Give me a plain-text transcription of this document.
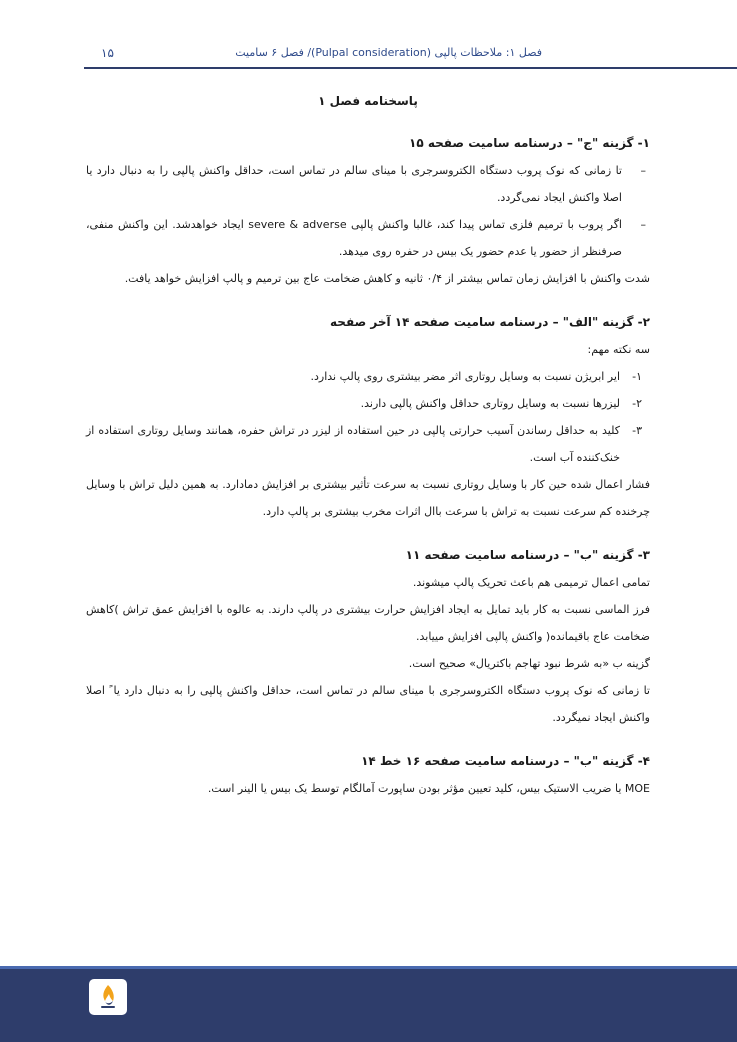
فصل ۱: ملاحظات پالپی (Pulpal consideration)/ فصل ۶ سامیت
۱۵
پاسخنامه فصل ۱
۱- گزینه "ج" – درسنامه سامیت صفحه ۱۵
–
تا زمانی که نوک پروب دستگاه الکتروسرجری با مینای سالم در تماس است، حداقل واکنش پالپی را به دنبال دارد یا اصلا واکنش ایجاد نمی‌گردد.
–
اگر پروب با ترمیم فلزی تماس پیدا کند، غالبا واکنش پالپی severe & adverse ایجاد خواهدشد. این واکنش منفی، صرفنظر از حضور یا عدم حضور یک بیس در حفره روی میدهد.

شدت واکنش با افزایش زمان تماس بیشتر از ۰/۴ ثانیه و کاهش ضخامت عاج بین ترمیم و پالپ افزایش خواهد یافت.

۲- گزینه "الف" – درسنامه سامیت صفحه ۱۴ آخر صفحه

سه نکته مهم:

۱-
ایر ابریژن نسبت به وسایل روتاری اثر مضر بیشتری روی پالپ ندارد.
۲-
لیزرها نسبت به وسایل روتاری حداقل واکنش پالپی دارند.
۳-
کلید به حداقل رساندن آسیب حرارتی پالپی در حین استفاده از لیزر در تراش حفره، همانند وسایل روتاری استفاده از خنک‌کننده آب است.

فشار اعمال شده حین کار با وسایل روتاری نسبت به سرعت تأثیر بیشتری بر افزایش دمادارد. به همین دلیل تراش با وسایل چرخنده کم سرعت نسبت به تراش با سرعت باال اثرات مخرب بیشتری بر پالپ دارد.

۳- گزینه "ب" – درسنامه سامیت صفحه ۱۱

تمامی اعمال ترمیمی هم باعث تحریک پالپ میشوند.

فرز الماسی نسبت به کار باید تمایل به ایجاد افزایش حرارت بیشتری در پالپ دارند. به عالوه با افزایش عمق تراش )کاهش ضخامت عاج باقیمانده( واکنش پالپی افزایش مییابد.

گزینه ب «به شرط نبود تهاجم باکتریال» صحیح است.

تا زمانی که نوک پروب دستگاه الکتروسرجری با مینای سالم در تماس است، حداقل واکنش پالپی را به دنبال دارد یا ً اصلا واکنش ایجاد نمیگردد.

۴- گزینه "ب" – درسنامه سامیت صفحه ۱۶ خط ۱۴

MOE یا ضریب الاستیک بیس، کلید تعیین مؤثر بودن ساپورت آمالگام توسط یک بیس یا الینر است.
